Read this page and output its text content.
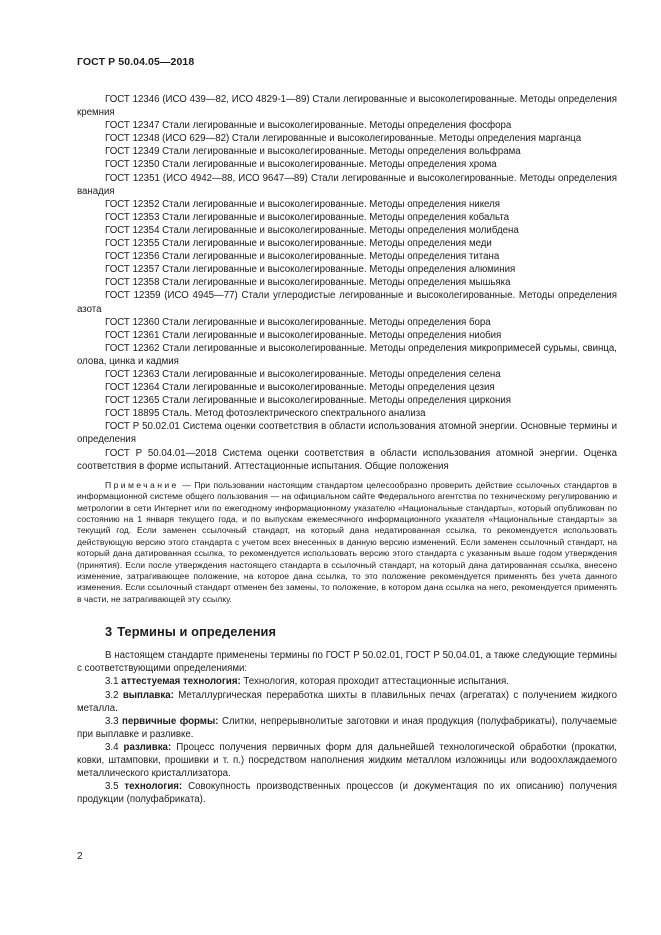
ГОСТ Р 50.04.05—2018

ГОСТ 12346 (ИСО 439—82, ИСО 4829-1—89) Стали легированные и высоколегированные. Методы определения кремния

ГОСТ 12347 Стали легированные и высоколегированные. Методы определения фосфора

ГОСТ 12348 (ИСО 629—82) Стали легированные и высоколегированные. Методы определения марганца

ГОСТ 12349 Стали легированные и высоколегированные. Методы определения вольфрама

ГОСТ 12350 Стали легированные и высоколегированные. Методы определения хрома

ГОСТ 12351 (ИСО 4942—88, ИСО 9647—89) Стали легированные и высоколегированные. Методы определения ванадия

ГОСТ 12352 Стали легированные и высоколегированные. Методы определения никеля

ГОСТ 12353 Стали легированные и высоколегированные. Методы определения кобальта

ГОСТ 12354 Стали легированные и высоколегированные. Методы определения молибдена

ГОСТ 12355 Стали легированные и высоколегированные. Методы определения меди

ГОСТ 12356 Стали легированные и высоколегированные. Методы определения титана

ГОСТ 12357 Стали легированные и высоколегированные. Методы определения алюминия

ГОСТ 12358 Стали легированные и высоколегированные. Методы определения мышьяка

ГОСТ 12359 (ИСО 4945—77) Стали углеродистые легированные и высоколегированные. Методы определения азота

ГОСТ 12360 Стали легированные и высоколегированные. Методы определения бора

ГОСТ 12361 Стали легированные и высоколегированные. Методы определения ниобия

ГОСТ 12362 Стали легированные и высоколегированные. Методы определения микропримесей сурьмы, свинца, олова, цинка и кадмия

ГОСТ 12363 Стали легированные и высоколегированные. Методы определения селена

ГОСТ 12364 Стали легированные и высоколегированные. Методы определения цезия

ГОСТ 12365 Стали легированные и высоколегированные. Методы определения циркония

ГОСТ 18895 Сталь. Метод фотоэлектрического спектрального анализа

ГОСТ Р 50.02.01 Система оценки соответствия в области использования атомной энергии. Основные термины и определения

ГОСТ Р 50.04.01—2018 Система оценки соответствия в области использования атомной энергии. Оценка соответствия в форме испытаний. Аттестационные испытания. Общие положения

Примечание — При пользовании настоящим стандартом целесообразно проверить действие ссылочных стандартов в информационной системе общего пользования — на официальном сайте Федерального агентства по техническому регулированию и метрологии в сети Интернет или по ежегодному информационному указателю «Национальные стандарты», который опубликован по состоянию на 1 января текущего года, и по выпускам ежемесячного информационного указателя «Национальные стандарты» за текущий год. Если заменен ссылочный стандарт, на который дана недатированная ссылка, то рекомендуется использовать действующую версию этого стандарта с учетом всех внесенных в данную версию изменений. Если заменен ссылочный стандарт, на который дана датированная ссылка, то рекомендуется использовать версию этого стандарта с указанным выше годом утверждения (принятия). Если после утверждения настоящего стандарта в ссылочный стандарт, на который дана датированная ссылка, внесено изменение, затрагивающее положение, на которое дана ссылка, то это положение рекомендуется применять без учета данного изменения. Если ссылочный стандарт отменен без замены, то положение, в котором дана ссылка на него, рекомендуется применять в части, не затрагивающей эту ссылку.

3 Термины и определения

В настоящем стандарте применены термины по ГОСТ Р 50.02.01, ГОСТ Р 50.04.01, а также следующие термины с соответствующими определениями:

3.1 аттестуемая технология: Технология, которая проходит аттестационные испытания.

3.2 выплавка: Металлургическая переработка шихты в плавильных печах (агрегатах) с получением жидкого металла.

3.3 первичные формы: Слитки, непрерывнолитые заготовки и иная продукция (полуфабрикаты), получаемые при выплавке и разливке.

3.4 разливка: Процесс получения первичных форм для дальнейшей технологической обработки (прокатки, ковки, штамповки, прошивки и т. п.) посредством наполнения жидким металлом изложницы или водоохлаждаемого металлического кристаллизатора.

3.5 технология: Совокупность производственных процессов (и документация по их описанию) получения продукции (полуфабриката).

2
